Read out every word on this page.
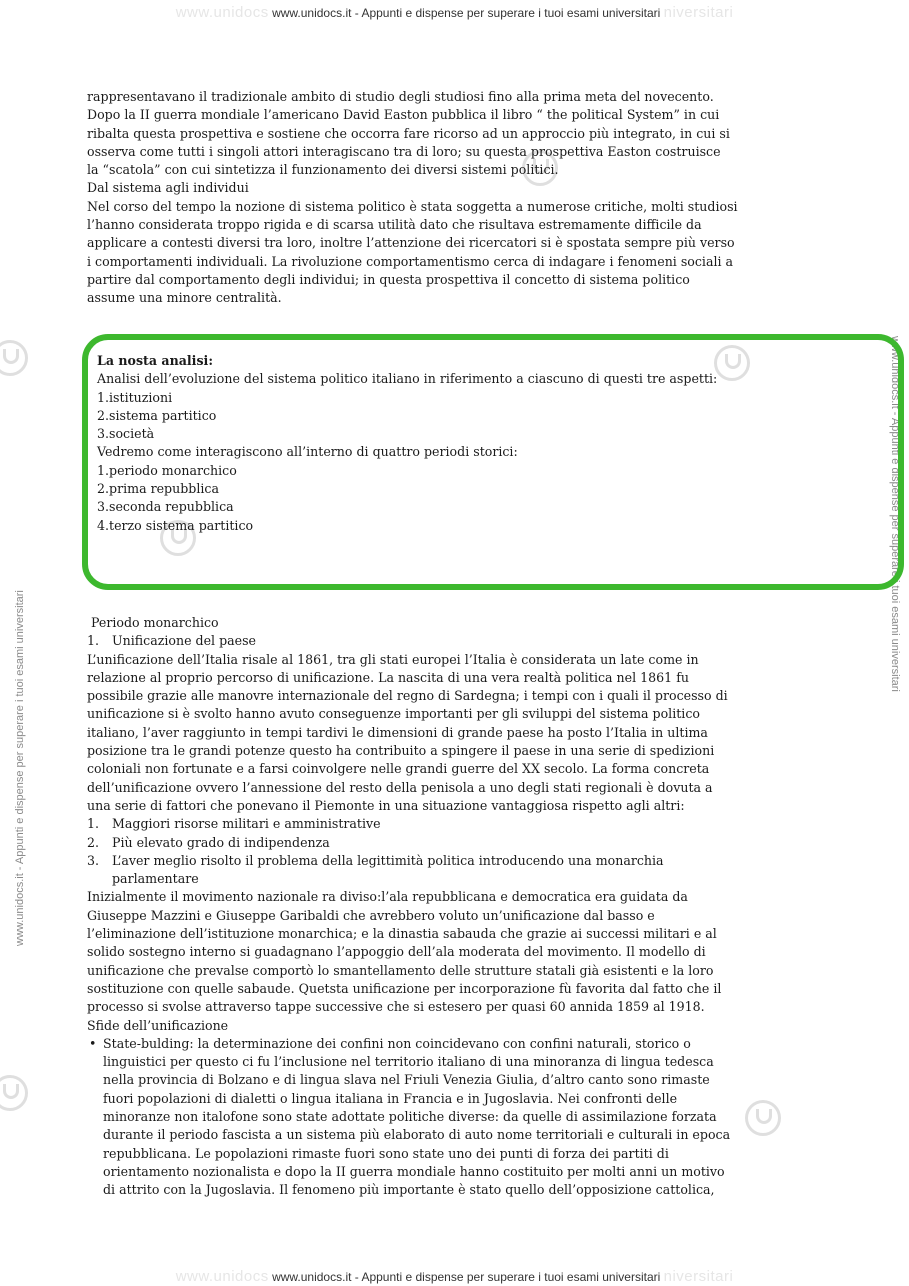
www.unidocs www.unidocs.it - Appunti e dispense per superare i tuoi esami universitari niversitari
www.unidocs www.unidocs.it - Appunti e dispense per superare i tuoi esami universitari niversitari
www.unidocs.it - Appunti e dispense per superare i tuoi esami universitari
www.unidocs.it - Appunti e dispense per superare i tuoi esami universitari

rappresentavano il tradizionale ambito di studio degli studiosi fino alla prima meta del novecento.

Dopo la II guerra mondiale l’americano David Easton pubblica il libro “ the political System” in cui

ribalta questa prospettiva e sostiene che occorra fare ricorso ad un approccio più integrato, in cui si

osserva come tutti i singoli attori interagiscano tra di loro; su questa prospettiva Easton costruisce

la “scatola” con cui sintetizza il funzionamento dei diversi sistemi politici.

Dal sistema agli individui

Nel corso del tempo la nozione di sistema politico è stata soggetta a numerose critiche, molti studiosi

l’hanno considerata troppo rigida e di scarsa utilità dato che risultava estremamente difficile da

applicare a contesti diversi tra loro, inoltre l’attenzione dei ricercatori si è spostata sempre più verso

i comportamenti individuali. La rivoluzione comportamentismo cerca di indagare i fenomeni sociali a

partire dal comportamento degli individui; in questa prospettiva il concetto di sistema politico

assume una minore centralità.

La nosta analisi:

Analisi dell’evoluzione del sistema politico italiano in riferimento a ciascuno di questi tre aspetti:

1.istituzioni

2.sistema partitico

3.società

Vedremo come interagiscono all’interno di quattro periodi storici:

1.periodo monarchico

2.prima repubblica

3.seconda repubblica

4.terzo sistema partitico

Periodo monarchico

1. Unificazione del paese

L’unificazione dell’Italia risale al 1861, tra gli stati europei l’Italia è considerata un late come in

relazione al proprio percorso di unificazione. La nascita di una vera realtà politica nel 1861 fu

possibile grazie alle manovre internazionale del regno di Sardegna; i tempi con i quali il processo di

unificazione si è svolto hanno avuto conseguenze importanti per gli sviluppi del sistema politico

italiano, l’aver raggiunto in tempi tardivi le dimensioni di grande paese ha posto l’Italia in ultima

posizione tra le grandi potenze questo ha contribuito a spingere il paese in una serie di spedizioni

coloniali non fortunate e a farsi coinvolgere nelle grandi guerre del XX secolo. La forma concreta

dell’unificazione ovvero l’annessione del resto della penisola a uno degli stati regionali è dovuta a

una serie di fattori che ponevano il Piemonte in una situazione vantaggiosa rispetto agli altri:

1. Maggiori risorse militari e amministrative
2. Più elevato grado di indipendenza
3. L’aver meglio risolto il problema della legittimità politica introducendo una monarchia
parlamentare

Inizialmente il movimento nazionale ra diviso:l’ala repubblicana e democratica era guidata da

Giuseppe Mazzini e Giuseppe Garibaldi che avrebbero voluto un’unificazione dal basso e

l’eliminazione dell’istituzione monarchica; e la dinastia sabauda che grazie ai successi militari e al

solido sostegno interno si guadagnano l’appoggio dell’ala moderata del movimento. Il modello di

unificazione che prevalse comportò lo smantellamento delle strutture statali già esistenti e la loro

sostituzione con quelle sabaude. Quetsta unificazione per incorporazione fù favorita dal fatto che il

processo si svolse attraverso tappe successive che si estesero per quasi 60 annida 1859 al 1918.

Sfide dell’unificazione

• State-bulding: la determinazione dei confini non coincidevano con confini naturali, storico o
linguistici per questo ci fu l’inclusione nel territorio italiano di una minoranza di lingua tedesca
nella provincia di Bolzano e di lingua slava nel Friuli Venezia Giulia, d’altro canto sono rimaste
fuori popolazioni di dialetti o lingua italiana in Francia e in Jugoslavia. Nei confronti delle
minoranze non italofone sono state adottate politiche diverse: da quelle di assimilazione forzata
durante il periodo fascista a un sistema più elaborato di auto nome territoriali e culturali in epoca
repubblicana. Le popolazioni rimaste fuori sono state uno dei punti di forza dei partiti di
orientamento nozionalista e dopo la II guerra mondiale hanno costituito per molti anni un motivo
di attrito con la Jugoslavia. Il fenomeno più importante è stato quello dell’opposizione cattolica,
